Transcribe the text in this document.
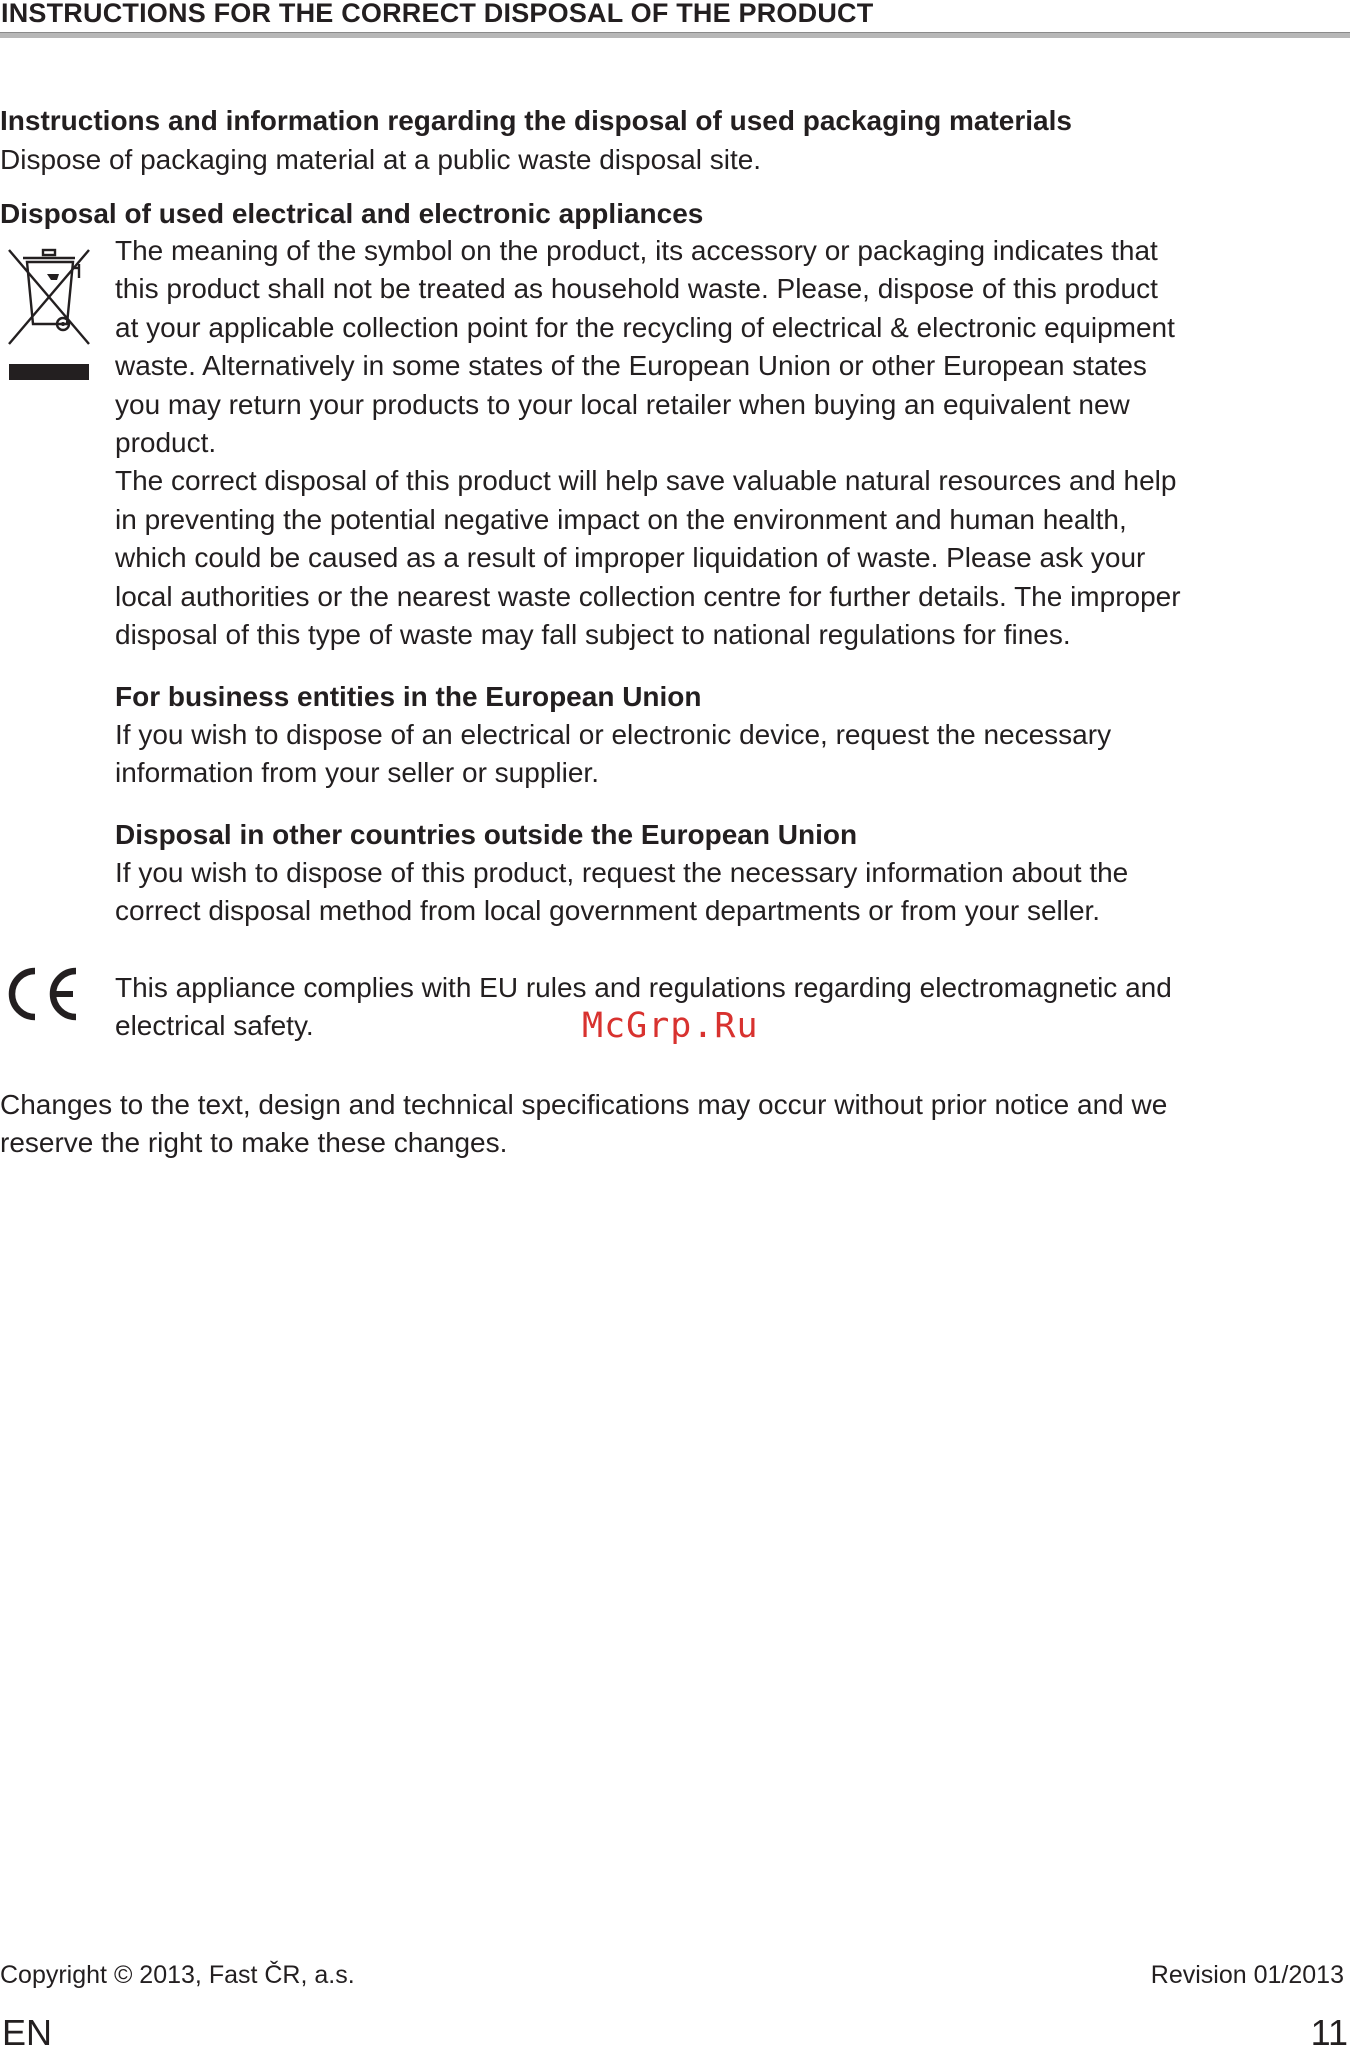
INSTRUCTIONS FOR THE CORRECT DISPOSAL OF THE PRODUCT
Instructions and information regarding the disposal of used packaging materials
Dispose of packaging material at a public waste disposal site.
Disposal of used electrical and electronic appliances
The meaning of the symbol on the product, its accessory or packaging indicates that
this product shall not be treated as household waste. Please, dispose of this product
at your applicable collection point for the recycling of electrical & electronic equipment
waste. Alternatively in some states of the European Union or other European states
you may return your products to your local retailer when buying an equivalent new
product.
The correct disposal of this product will help save valuable natural resources and help
in preventing the potential negative impact on the environment and human health,
which could be caused as a result of improper liquidation of waste. Please ask your
local authorities or the nearest waste collection centre for further details. The improper
disposal of this type of waste may fall subject to national regulations for fines.
For business entities in the European Union
If you wish to dispose of an electrical or electronic device, request the necessary
information from your seller or supplier.
Disposal in other countries outside the European Union
If you wish to dispose of this product, request the necessary information about the
correct disposal method from local government departments or from your seller.
This appliance complies with EU rules and regulations regarding electromagnetic and
electrical safety.	McGrp.Ru
Changes to the text, design and technical specifications may occur without prior notice and we
reserve the right to make these changes.
Copyright © 2013, Fast ČR, a.s.	Revision 01/2013
EN	11
